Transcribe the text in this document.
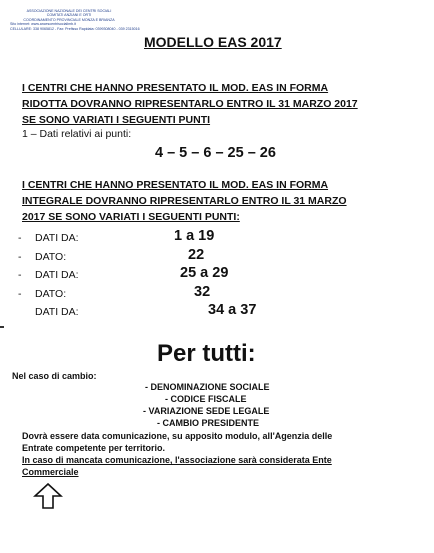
ASSOCIAZIONE NAZIONALE DEI CENTRI SOCIALI
COMITATI ANZIANI E ORTI
COORDINAMENTO PROVINCIALE MONZA E BRIANZA
Sito internet: www.ancescentrisocialimb.it
CELLULARE: 338 9065812 - Fax: Prefisso Rapidata: 0399308040 - 039 2315016
MODELLO EAS 2017
I CENTRI CHE HANNO PRESENTATO IL MOD. EAS IN FORMA
RIDOTTA DOVRANNO RIPRESENTARLO ENTRO IL 31 MARZO 2017
SE SONO VARIATI I SEGUENTI PUNTI
1 – Dati relativi ai punti:
4 – 5 – 6 – 25 – 26
I CENTRI CHE HANNO PRESENTATO IL MOD. EAS IN FORMA
INTEGRALE DOVRANNO RIPRESENTARLO ENTRO IL 31 MARZO
2017 SE SONO VARIATI I SEGUENTI PUNTI:
- DATI DA:	1 a 19
- DATO:	22
- DATI DA:	25 a 29
- DATO:	32
DATI DA:	34 a 37
Per tutti:
Nel caso di cambio:
- DENOMINAZIONE SOCIALE
- CODICE FISCALE
- VARIAZIONE SEDE LEGALE
- CAMBIO PRESIDENTE
Dovrà essere data comunicazione, su apposito modulo, all'Agenzia delle
Entrate competente per territorio.
In caso di mancata comunicazione, l'associazione sarà considerata Ente
Commerciale
